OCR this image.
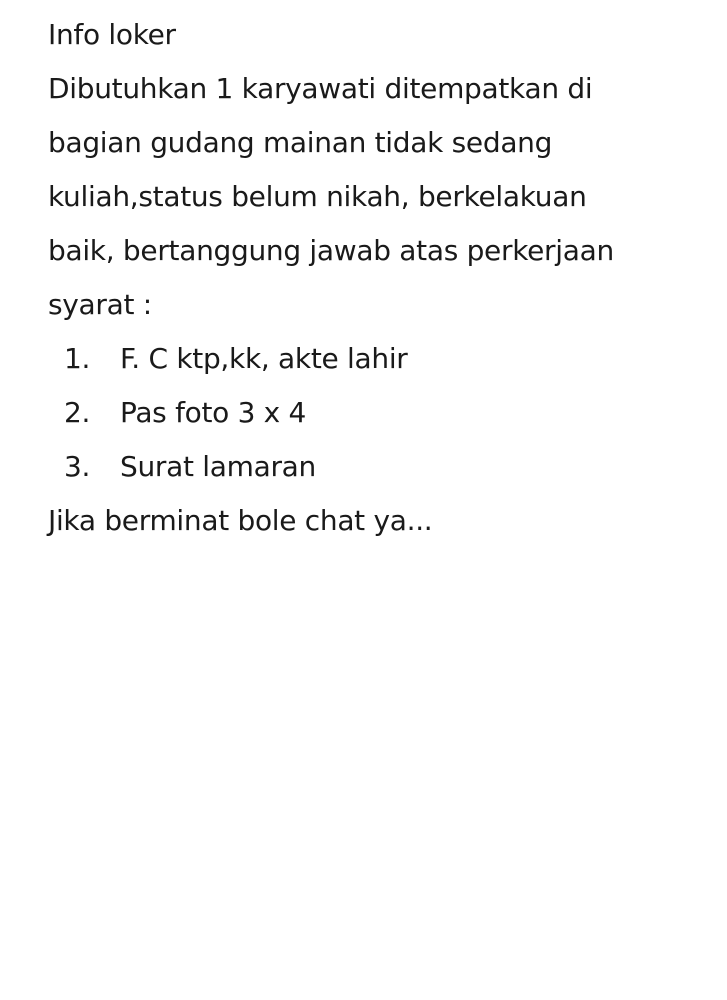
Info loker
Dibutuhkan 1 karyawati ditempatkan di
bagian gudang mainan tidak sedang
kuliah,status belum nikah, berkelakuan
baik, bertanggung jawab atas perkerjaan
syarat :
1.	F. C ktp,kk, akte lahir
2.	Pas foto 3 x 4
3.	Surat lamaran
Jika berminat bole chat ya...
